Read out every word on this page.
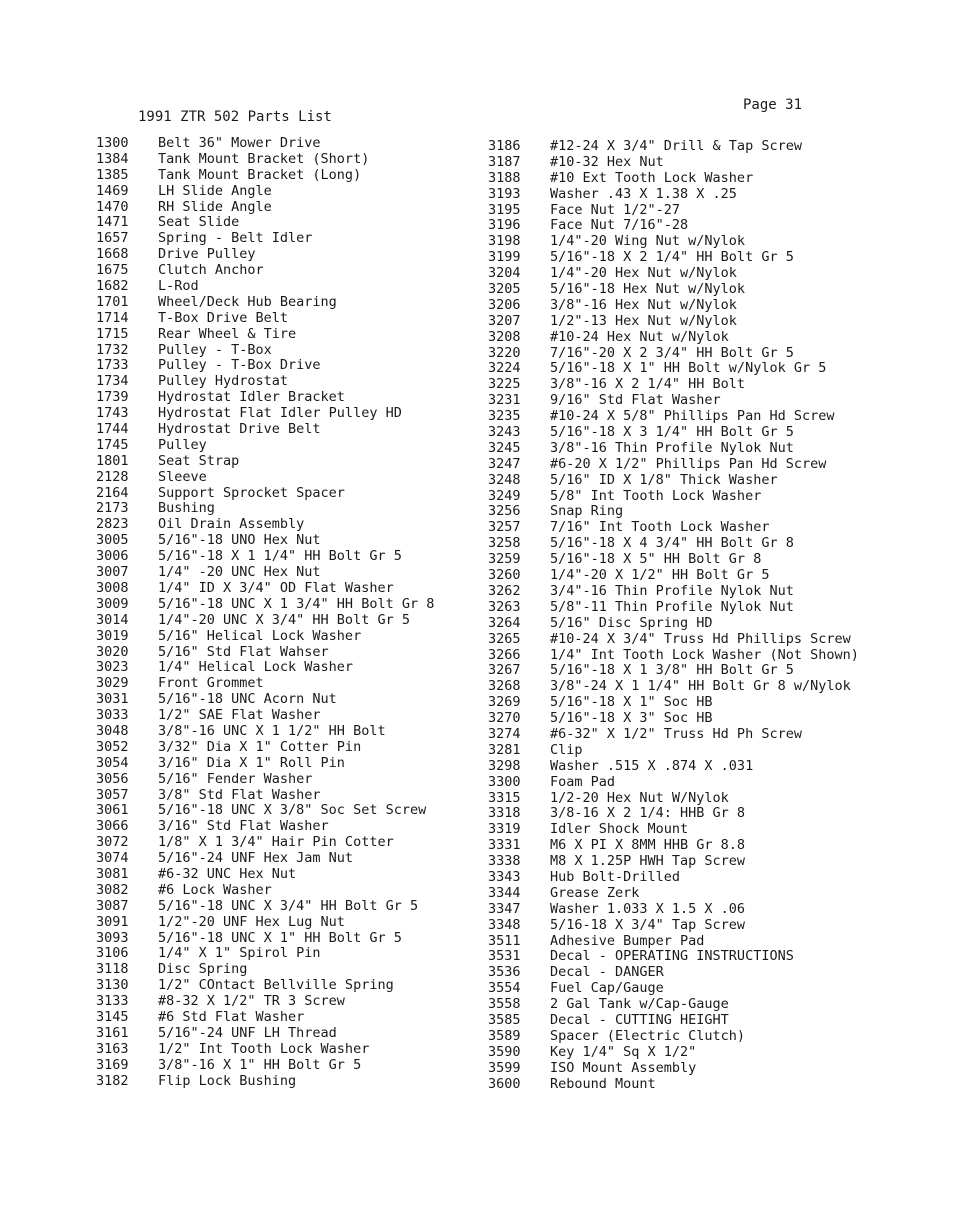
1991 ZTR 502 Parts List
Page 31
1300 Belt 36" Mower Drive
1384 Tank Mount Bracket (Short)
1385 Tank Mount Bracket (Long)
1469 LH Slide Angle
1470 RH Slide Angle
1471 Seat Slide
1657 Spring - Belt Idler
1668 Drive Pulley
1675 Clutch Anchor
1682 L-Rod
1701 Wheel/Deck Hub Bearing
1714 T-Box Drive Belt
1715 Rear Wheel & Tire
1732 Pulley - T-Box
1733 Pulley - T-Box Drive
1734 Pulley Hydrostat
1739 Hydrostat Idler Bracket
1743 Hydrostat Flat Idler Pulley HD
1744 Hydrostat Drive Belt
1745 Pulley
1801 Seat Strap
2128 Sleeve
2164 Support Sprocket Spacer
2173 Bushing
2823 Oil Drain Assembly
3005 5/16"-18 UNO Hex Nut
3006 5/16"-18 X 1 1/4" HH Bolt Gr 5
3007 1/4" -20 UNC Hex Nut
3008 1/4" ID X 3/4" OD Flat Washer
3009 5/16"-18 UNC X 1 3/4" HH Bolt Gr 8
3014 1/4"-20 UNC X 3/4" HH Bolt Gr 5
3019 5/16" Helical Lock Washer
3020 5/16" Std Flat Wahser
3023 1/4" Helical Lock Washer
3029 Front Grommet
3031 5/16"-18 UNC Acorn Nut
3033 1/2" SAE Flat Washer
3048 3/8"-16 UNC X 1 1/2" HH Bolt
3052 3/32" Dia X 1" Cotter Pin
3054 3/16" Dia X 1" Roll Pin
3056 5/16" Fender Washer
3057 3/8" Std Flat Washer
3061 5/16"-18 UNC X 3/8" Soc Set Screw
3066 3/16" Std Flat Washer
3072 1/8" X 1 3/4" Hair Pin Cotter
3074 5/16"-24 UNF Hex Jam Nut
3081 #6-32 UNC Hex Nut
3082 #6 Lock Washer
3087 5/16"-18 UNC X 3/4" HH Bolt Gr 5
3091 1/2"-20 UNF Hex Lug Nut
3093 5/16"-18 UNC X 1" HH Bolt Gr 5
3106 1/4" X 1" Spirol Pin
3118 Disc Spring
3130 1/2" COntact Bellville Spring
3133 #8-32 X 1/2" TR 3 Screw
3145 #6 Std Flat Washer
3161 5/16"-24 UNF LH Thread
3163 1/2" Int Tooth Lock Washer
3169 3/8"-16 X 1" HH Bolt Gr 5
3182 Flip Lock Bushing
3186 #12-24 X 3/4" Drill & Tap Screw
3187 #10-32 Hex Nut
3188 #10 Ext Tooth Lock Washer
3193 Washer .43 X 1.38 X .25
3195 Face Nut 1/2"-27
3196 Face Nut 7/16"-28
3198 1/4"-20 Wing Nut w/Nylok
3199 5/16"-18 X 2 1/4" HH Bolt Gr 5
3204 1/4"-20 Hex Nut w/Nylok
3205 5/16"-18 Hex Nut w/Nylok
3206 3/8"-16 Hex Nut w/Nylok
3207 1/2"-13 Hex Nut w/Nylok
3208 #10-24 Hex Nut w/Nylok
3220 7/16"-20 X 2 3/4" HH Bolt Gr 5
3224 5/16"-18 X 1" HH Bolt w/Nylok Gr 5
3225 3/8"-16 X 2 1/4" HH Bolt
3231 9/16" Std Flat Washer
3235 #10-24 X 5/8" Phillips Pan Hd Screw
3243 5/16"-18 X 3 1/4" HH Bolt Gr 5
3245 3/8"-16 Thin Profile Nylok Nut
3247 #6-20 X 1/2" Phillips Pan Hd Screw
3248 5/16" ID X 1/8" Thick Washer
3249 5/8" Int Tooth Lock Washer
3256 Snap Ring
3257 7/16" Int Tooth Lock Washer
3258 5/16"-18 X 4 3/4" HH Bolt Gr 8
3259 5/16"-18 X 5" HH Bolt Gr 8
3260 1/4"-20 X 1/2" HH Bolt Gr 5
3262 3/4"-16 Thin Profile Nylok Nut
3263 5/8"-11 Thin Profile Nylok Nut
3264 5/16" Disc Spring HD
3265 #10-24 X 3/4" Truss Hd Phillips Screw
3266 1/4" Int Tooth Lock Washer (Not Shown)
3267 5/16"-18 X 1 3/8" HH Bolt Gr 5
3268 3/8"-24 X 1 1/4" HH Bolt Gr 8 w/Nylok
3269 5/16"-18 X 1" Soc HB
3270 5/16"-18 X 3" Soc HB
3274 #6-32" X 1/2" Truss Hd Ph Screw
3281 Clip
3298 Washer .515 X .874 X .031
3300 Foam Pad
3315 1/2-20 Hex Nut W/Nylok
3318 3/8-16 X 2 1/4: HHB Gr 8
3319 Idler Shock Mount
3331 M6 X PI X 8MM HHB Gr 8.8
3338 M8 X 1.25P HWH Tap Screw
3343 Hub Bolt-Drilled
3344 Grease Zerk
3347 Washer 1.033 X 1.5 X .06
3348 5/16-18 X 3/4" Tap Screw
3511 Adhesive Bumper Pad
3531 Decal - OPERATING INSTRUCTIONS
3536 Decal - DANGER
3554 Fuel Cap/Gauge
3558 2 Gal Tank w/Cap-Gauge
3585 Decal - CUTTING HEIGHT
3589 Spacer (Electric Clutch)
3590 Key 1/4" Sq X 1/2"
3599 ISO Mount Assembly
3600 Rebound Mount
